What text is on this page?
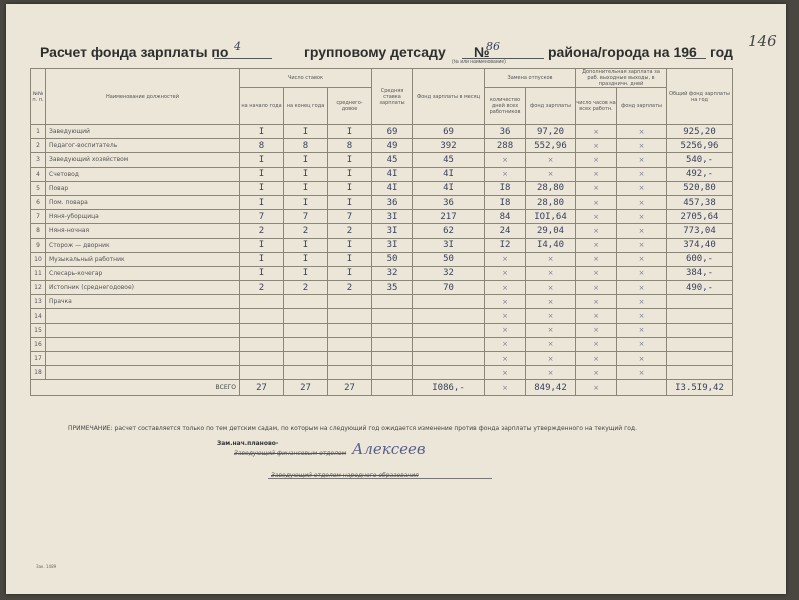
146
Расчет фонда зарплаты по 4	групповому детсаду №
86
(№ или наименование)
района/города на 196 год
№№ п. п.	Наименование должностей	Число ставок			Средняя ставка зарплаты	Фонд зарплаты в месяц	Замена отпусков		Дополнительная зарплата за раб. выходные выходы, в праздничн. дней		Общий фонд зарплаты на год
		на начало года	на конец года	среднего- довое			количество дней всех работников	фонд зарплаты	число часов на всех работн.	фонд зарплаты	
1	Заведующий	I	I	I	69	69	36	97,20	×	×	925,20
2	Педагог-воспитатель	8	8	8	49	392	288	552,96	×	×	5256,96
3	Заведующий хозяйством	I	I	I	45	45	×	×	×	×	540,-
4	Счетовод	I	I	I	4I	4I	×	×	×	×	492,-
5	Повар	I	I	I	4I	4I	I8	28,80	×	×	520,80
6	Пом. повара	I	I	I	36	36	I8	28,80	×	×	457,38
7	Няня-уборщица	7	7	7	3I	217	84	IOI,64	×	×	2705,64
8	Няня-ночная	2	2	2	3I	62	24	29,04	×	×	773,04
9	Сторож — дворник	I	I	I	3I	3I	I2	I4,40	×	×	374,40
10	Музыкальный работник	I	I	I	50	50	×	×	×	×	600,-
11	Слесарь-кочегар	I	I	I	32	32	×	×	×	×	384,-
12	Истопник (среднегодовое)	2	2	2	35	70	×	×	×	×	490,-
13	Прачка						×	×	×	×	
14							×	×	×	×	
15							×	×	×	×	
16							×	×	×	×	
17							×	×	×	×	
18							×	×	×	×	
ВСЕГО		27	27	27		I086,-	×	849,42	×		I3.5I9,42
ПРИМЕЧАНИЕ: расчет составляется только по тем детским садам, по которым на следующий год ожидается изменение против фонда зарплаты утвержденного на текущий год.
Зам.нач.планово-
Заведующий финансовым отделом Алексеев
Заведующий отделом народного образования
Зак. 1489
